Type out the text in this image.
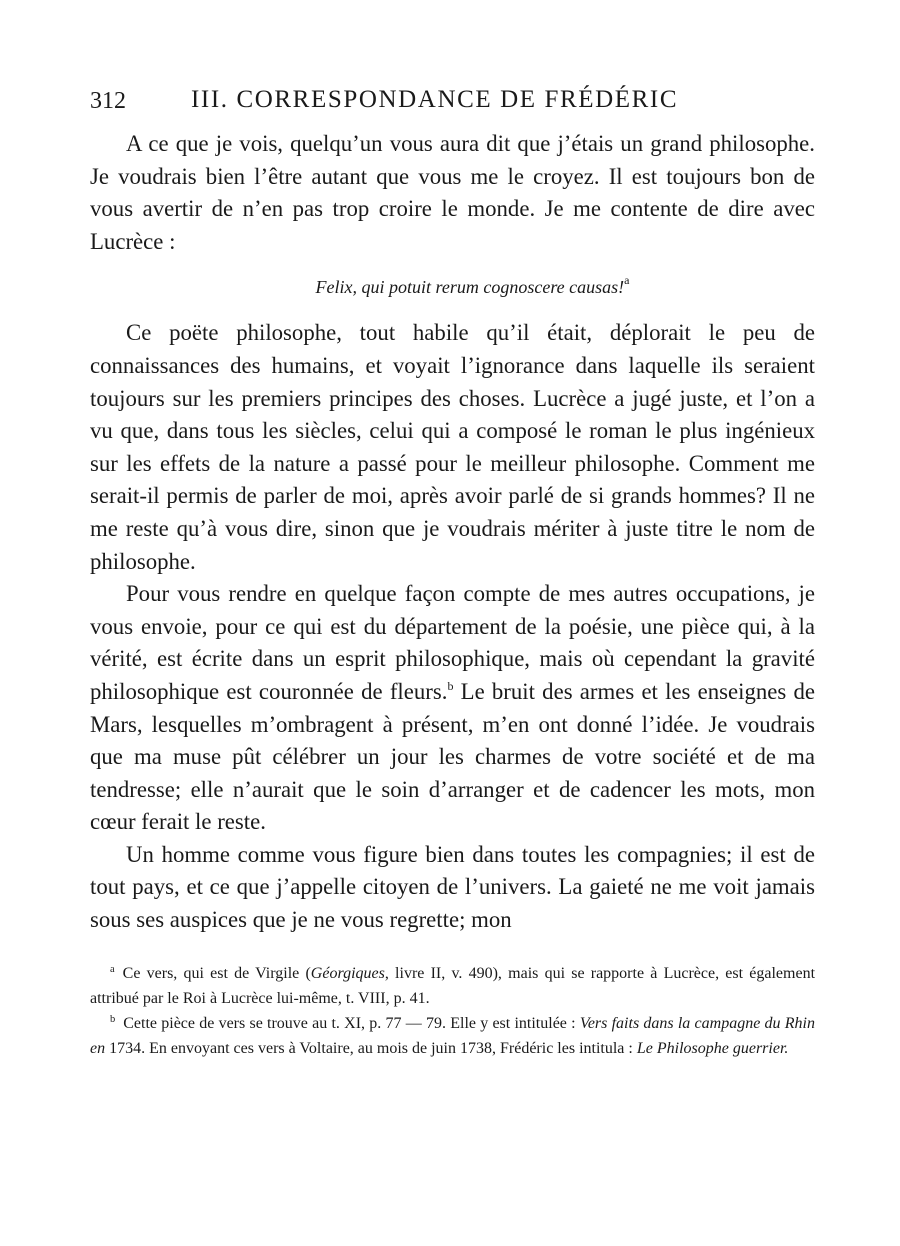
312	III. CORRESPONDANCE DE FRÉDÉRIC

A ce que je vois, quelqu’un vous aura dit que j’étais un grand philosophe. Je voudrais bien l’être autant que vous me le croyez. Il est toujours bon de vous avertir de n’en pas trop croire le monde. Je me contente de dire avec Lucrèce :

Felix, qui potuit rerum cognoscere causas!$^a$

Ce poëte philosophe, tout habile qu’il était, déplorait le peu de connaissances des humains, et voyait l’ignorance dans laquelle ils seraient toujours sur les premiers principes des choses. Lucrèce a jugé juste, et l’on a vu que, dans tous les siècles, celui qui a composé le roman le plus ingénieux sur les effets de la nature a passé pour le meilleur philosophe. Comment me serait-il permis de parler de moi, après avoir parlé de si grands hommes? Il ne me reste qu’à vous dire, sinon que je voudrais mériter à juste titre le nom de philosophe.

Pour vous rendre en quelque façon compte de mes autres occupations, je vous envoie, pour ce qui est du département de la poésie, une pièce qui, à la vérité, est écrite dans un esprit philosophique, mais où cependant la gravité philosophique est couronnée de fleurs.$^b$ Le bruit des armes et les enseignes de Mars, lesquelles m’ombragent à présent, m’en ont donné l’idée. Je voudrais que ma muse pût célébrer un jour les charmes de votre société et de ma tendresse; elle n’aurait que le soin d’arranger et de cadencer les mots, mon cœur ferait le reste.

Un homme comme vous figure bien dans toutes les compagnies; il est de tout pays, et ce que j’appelle citoyen de l’univers. La gaieté ne me voit jamais sous ses auspices que je ne vous regrette; mon

$^a$ Ce vers, qui est de Virgile (Géorgiques, livre II, v. 490), mais qui se rapporte à Lucrèce, est également attribué par le Roi à Lucrèce lui-même, t. VIII, p. 41.

$^b$ Cette pièce de vers se trouve au t. XI, p. 77 — 79. Elle y est intitulée : Vers faits dans la campagne du Rhin en 1734. En envoyant ces vers à Voltaire, au mois de juin 1738, Frédéric les intitula : Le Philosophe guerrier.
